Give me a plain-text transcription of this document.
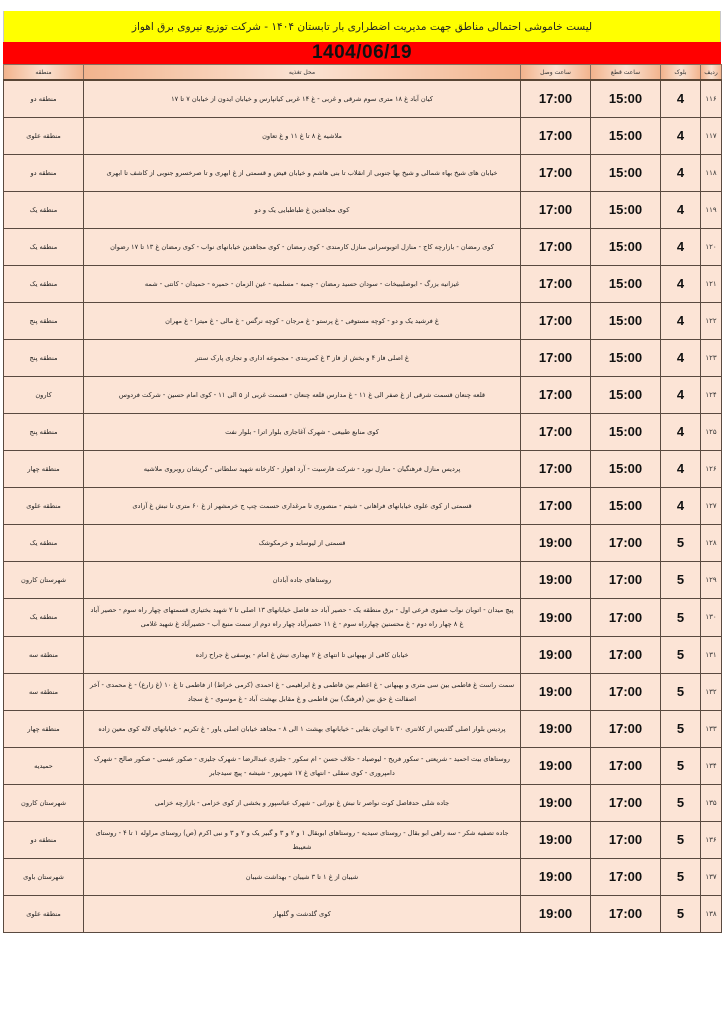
لیست خاموشی احتمالی مناطق جهت مدیریت اضطراری بار تابستان ۱۴۰۴ - شرکت توزیع نیروی برق اهواز
1404/06/19
ردیف	بلوک	ساعت قطع	ساعت وصل	محل تغذیه	منطقه
۱۱۶	4	15:00	17:00	کیان آباد غ ۱۸ متری سوم شرقی و غربی - غ ۱۴ غربی کیانپارس و خیابان ایدون از خیابان ۷ تا ۱۷	منطقه دو
۱۱۷	4	15:00	17:00	ملاشیه غ ۸ تا غ ۱۱ و غ تعاون	منطقه علوی
۱۱۸	4	15:00	17:00	خیابان های شیخ بهاء شمالی و شیخ بها جنوبی از انقلاب تا بنی هاشم و خیابان فیض و قسمتی از غ ابهری و تا صرخسرو جنوبی از کاشف تا ابهری	منطقه دو
۱۱۹	4	15:00	17:00	کوی مجاهدین غ طباطبایی یک و دو	منطقه یک
۱۲۰	4	15:00	17:00	کوی رمضان - بازارچه کاج - منازل اتوبوسرانی منازل کارمندی - کوی رمضان - کوی مجاهدین خیابانهای نواب - کوی رمضان غ ۱۳ تا ۱۷ رضوان	منطقه یک
۱۲۱	4	15:00	17:00	غیزانیه بزرگ - ابوصلیبیخات - سودان حسید رمضان - چمبه - مسلمیه - عین الزمان - حمیره - حمیدان - کانتی - شمه	منطقه یک
۱۲۲	4	15:00	17:00	غ فرشید یک و دو - کوچه مستوفی - غ پرستو - غ مرجان - کوچه نرگس - غ مالی - غ میترا - غ مهران	منطقه پنج
۱۲۳	4	15:00	17:00	غ اصلی فاز ۴ و بخش از فاز ۳ غ کمربندی - مجموعه اداری و تجاری پارک سنتر	منطقه پنج
۱۲۴	4	15:00	17:00	قلعه چنعان قسمت شرقی از غ صفر الی غ ۱۱ - غ مدارس قلعه چنعان - قسمت غربی از ۵ الی ۱۱ - کوی امام حسین - شرکت فردوس	کارون
۱۲۵	4	15:00	17:00	کوی منابع طبیعی - شهرک آغاجاری بلوار اترا - بلوار نفت	منطقه پنج
۱۲۶	4	15:00	17:00	پردیس منازل فرهنگیان - منازل نورد - شرکت فارسیت - آرد اهواز - کارخانه شهید سلطانی - گریشان روبروی ملاشیه	منطقه چهار
۱۲۷	4	15:00	17:00	قسمتی از کوی علوی خیابانهای فراهانی - شیتم - منصوری تا مرغداری حسمت چپ ج خرمشهر از غ ۶۰ متری تا نبش غ آزادی	منطقه علوی
۱۲۸	5	17:00	19:00	قسمتی از لیوسابد و خرمکوشک	منطقه یک
۱۲۹	5	17:00	19:00	روستاهای جاده آبادان	شهرستان کارون
۱۳۰	5	17:00	19:00	پیچ میدان - اتوبان نواب صفوی فرعی اول - برق منطقه یک - حصیر آباد حد فاصل خیابانهای ۱۳ اصلی تا ۲ شهید بختیاری قسمتهای چهار راه سوم - حصیر آباد غ ۸ چهار راه دوم - غ محسنین چهارراه سوم - غ ۱۱ حصیرآباد چهار راه دوم از سمت منبع آب - حصیرآباد غ شهید غلامی	منطقه یک
۱۳۱	5	17:00	19:00	خیابان کافی از بهبهانی تا انتهای غ ۲ بهداری نبش غ امام - یوسفی غ جراح زاده	منطقه سه
۱۳۲	5	17:00	19:00	سمت راست غ فاطمی بین سی متری و بهبهانی - غ اعظم بین فاطمی و غ ابراهیمی - غ احمدی (کرمی خراط) از فاطمی تا غ ۱۰ (غ زارع) - غ محمدی - آخر اصفالت غ حق بین (فرهنگ) بین فاطمی و غ مقابل بهشت آباد - غ موسوی - غ سجاد	منطقه سه
۱۳۳	5	17:00	19:00	پردیس بلوار اصلی گلدیس از کلانتری ۳۰ تا اتوبان بقایی - خیابانهای بهشت ۱ الی ۸ - مجاهد خیابان اصلی یاور - غ تکریم - خیابانهای لاله کوی معین زاده	منطقه چهار
۱۳۴	5	17:00	19:00	روستاهای بیت احمید - شریعتی - سکور فریح - لیوصیاد - حلاف حسن - ام سکور - جلیزی عبدالرضا - شهرک جلیزی - صکور عیسی - صکور صالح - شهرک دامپروری - کوی سقلی - انتهای غ ۱۷ شهریور - شیشه - پیچ سیدجابر	حمیدیه
۱۳۵	5	17:00	19:00	جاده شلی حدفاصل کوت نواصر تا نبش غ نورانی - شهرک عباسپور و بخشی از کوی خزامی - بازارچه خزامی	شهرستان کارون
۱۳۶	5	17:00	19:00	جاده تصفیه شکر - سه راهی ابو بقال - روستای سیدیه - روستاهای ابوبقال ۱ و ۲ و ۳ و گبیر یک و ۲ و ۳ و نبی اکرم (ص) روستای مراوله ۱ تا ۴ - روستای شعیبط	منطقه دو
۱۳۷	5	17:00	19:00	شیبان از غ ۱ تا ۳ شیبان - بهداشت شیبان	شهرستان باوی
۱۳۸	5	17:00	19:00	کوی گلدشت و گلبهار	منطقه علوی
